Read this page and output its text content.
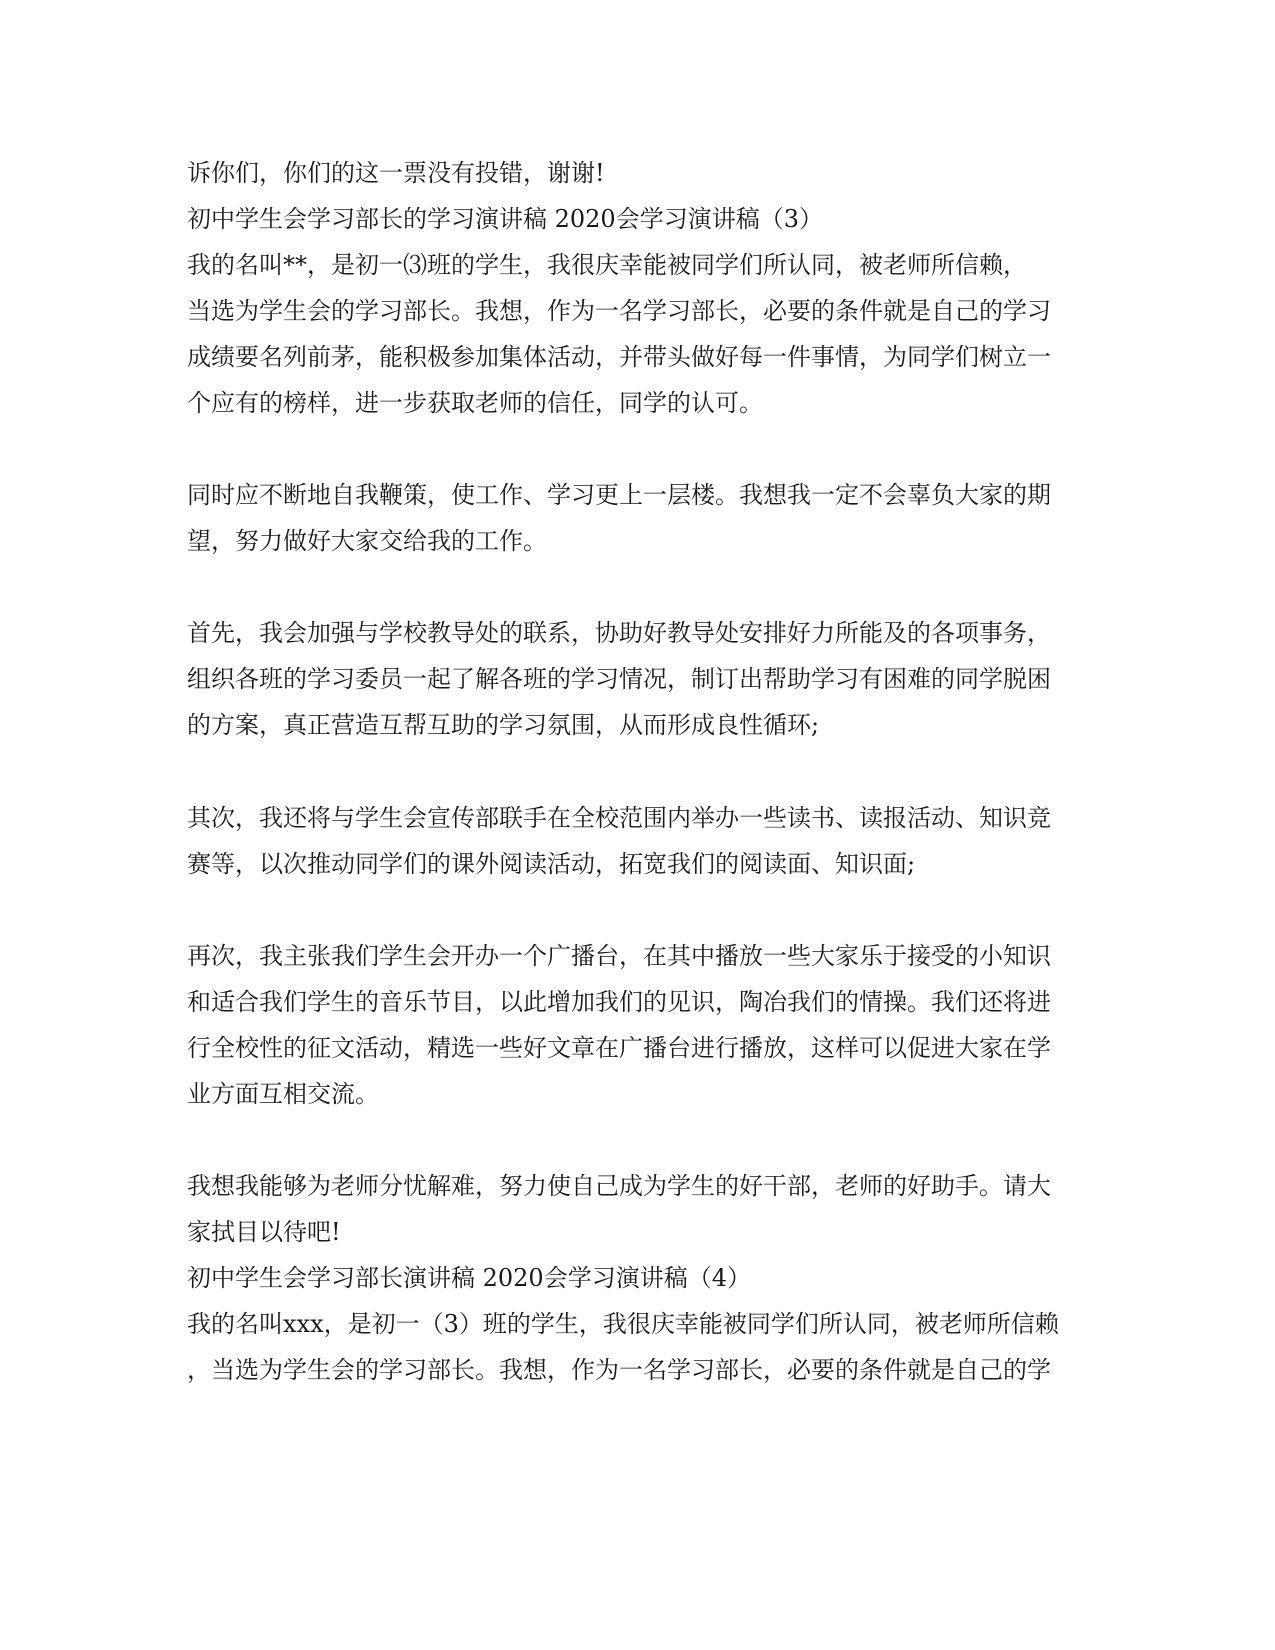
诉你们，你们的这一票没有投错，谢谢!

初中学生会学习部长的学习演讲稿 2020会学习演讲稿（3）

我的名叫**，是初一⑶班的学生，我很庆幸能被同学们所认同，被老师所信赖，

当选为学生会的学习部长。我想，作为一名学习部长，必要的条件就是自己的学习

成绩要名列前茅，能积极参加集体活动，并带头做好每一件事情，为同学们树立一

个应有的榜样，进一步获取老师的信任，同学的认可。

同时应不断地自我鞭策，使工作、学习更上一层楼。我想我一定不会辜负大家的期

望，努力做好大家交给我的工作。

首先，我会加强与学校教导处的联系，协助好教导处安排好力所能及的各项事务，

组织各班的学习委员一起了解各班的学习情况，制订出帮助学习有困难的同学脱困

的方案，真正营造互帮互助的学习氛围，从而形成良性循环;

其次，我还将与学生会宣传部联手在全校范围内举办一些读书、读报活动、知识竞

赛等，以次推动同学们的课外阅读活动，拓宽我们的阅读面、知识面;

再次，我主张我们学生会开办一个广播台，在其中播放一些大家乐于接受的小知识

和适合我们学生的音乐节目，以此增加我们的见识，陶冶我们的情操。我们还将进

行全校性的征文活动，精选一些好文章在广播台进行播放，这样可以促进大家在学

业方面互相交流。

我想我能够为老师分忧解难，努力使自己成为学生的好干部，老师的好助手。请大

家拭目以待吧!

初中学生会学习部长演讲稿 2020会学习演讲稿（4）

我的名叫xxx，是初一（3）班的学生，我很庆幸能被同学们所认同，被老师所信赖

，当选为学生会的学习部长。我想，作为一名学习部长，必要的条件就是自己的学
